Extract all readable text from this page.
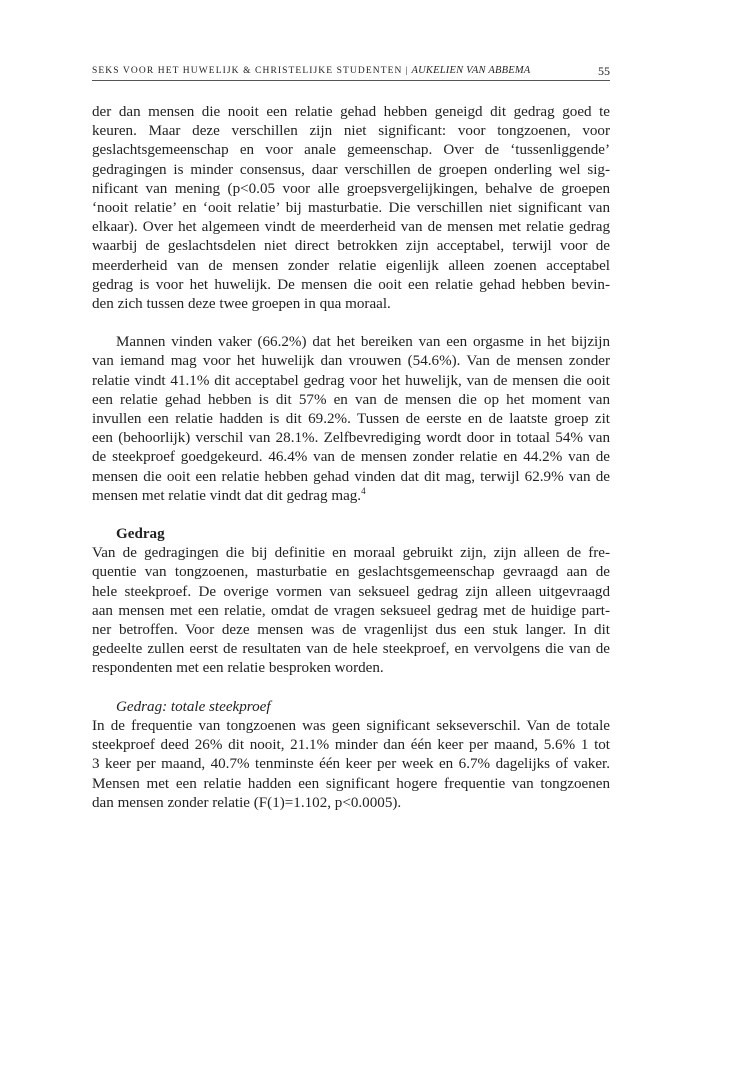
SEKS VOOR HET HUWELIJK & CHRISTELIJKE STUDENTEN | AUKELIEN VAN ABBEMA	55
der dan mensen die nooit een relatie gehad hebben geneigd dit gedrag goed te
keuren. Maar deze verschillen zijn niet significant: voor tongzoenen, voor
geslachtsgemeenschap en voor anale gemeenschap. Over de ‘tussenliggende’
gedragingen is minder consensus, daar verschillen de groepen onderling wel sig-
nificant van mening (p<0.05 voor alle groepsvergelijkingen, behalve de groepen
‘nooit relatie’ en ‘ooit relatie’ bij masturbatie. Die verschillen niet significant van
elkaar). Over het algemeen vindt de meerderheid van de mensen met relatie gedrag
waarbij de geslachtsdelen niet direct betrokken zijn acceptabel, terwijl voor de
meerderheid van de mensen zonder relatie eigenlijk alleen zoenen acceptabel
gedrag is voor het huwelijk. De mensen die ooit een relatie gehad hebben bevin-
den zich tussen deze twee groepen in qua moraal.
Mannen vinden vaker (66.2%) dat het bereiken van een orgasme in het bijzijn
van iemand mag voor het huwelijk dan vrouwen (54.6%). Van de mensen zonder
relatie vindt 41.1% dit acceptabel gedrag voor het huwelijk, van de mensen die ooit
een relatie gehad hebben is dit 57% en van de mensen die op het moment van
invullen een relatie hadden is dit 69.2%. Tussen de eerste en de laatste groep zit
een (behoorlijk) verschil van 28.1%. Zelfbevrediging wordt door in totaal 54% van
de steekproef goedgekeurd. 46.4% van de mensen zonder relatie en 44.2% van de
mensen die ooit een relatie hebben gehad vinden dat dit mag, terwijl 62.9% van de
mensen met relatie vindt dat dit gedrag mag.$^4$
Gedrag
Van de gedragingen die bij definitie en moraal gebruikt zijn, zijn alleen de fre-
quentie van tongzoenen, masturbatie en geslachtsgemeenschap gevraagd aan de
hele steekproef. De overige vormen van seksueel gedrag zijn alleen uitgevraagd
aan mensen met een relatie, omdat de vragen seksueel gedrag met de huidige part-
ner betroffen. Voor deze mensen was de vragenlijst dus een stuk langer. In dit
gedeelte zullen eerst de resultaten van de hele steekproef, en vervolgens die van de
respondenten met een relatie besproken worden.
Gedrag: totale steekproef
In de frequentie van tongzoenen was geen significant sekseverschil. Van de totale
steekproef deed 26% dit nooit, 21.1% minder dan één keer per maand, 5.6% 1 tot
3 keer per maand, 40.7% tenminste één keer per week en 6.7% dagelijks of vaker.
Mensen met een relatie hadden een significant hogere frequentie van tongzoenen
dan mensen zonder relatie (F(1)=1.102, p<0.0005).
